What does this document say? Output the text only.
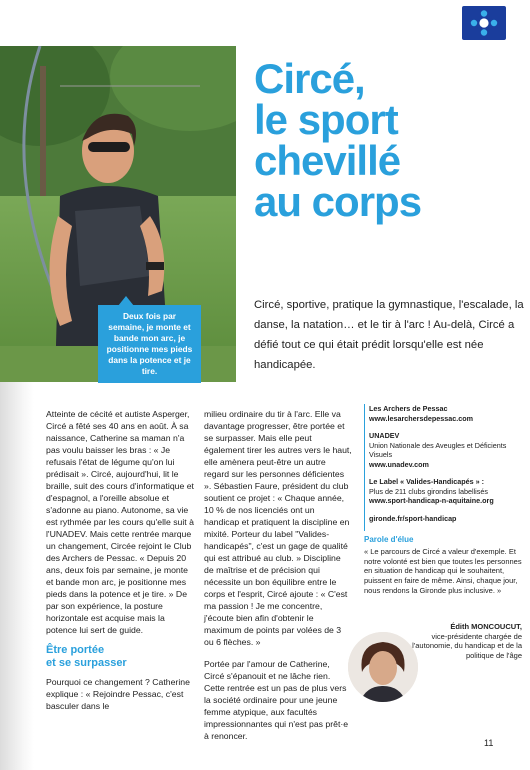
Deux fois par semaine, je monte et bande mon arc, je positionne mes pieds dans la potence et je tire.
Circé,
le sport
chevillé
au corps
Circé, sportive, pratique la gymnastique, l'escalade, la danse, la natation… et le tir à l'arc ! Au-delà, Circé a défié tout ce qui était prédit lorsqu'elle est née handicapée.

Atteinte de cécité et autiste Asperger, Circé a fêté ses 40 ans en août. À sa naissance, Catherine sa maman n'a pas voulu baisser les bras : « Je refusais l'état de légume qu'on lui prédisait ». Circé, aujourd'hui, lit le braille, suit des cours d'informatique et d'espagnol, a l'oreille absolue et s'adonne au piano. Autonome, sa vie est rythmée par les cours qu'elle suit à l'UNADEV. Mais cette rentrée marque un changement, Circée rejoint le Club des Archers de Pessac. « Depuis 20 ans, deux fois par semaine, je monte et bande mon arc, je positionne mes pieds dans la potence et je tire. » De par son expérience, la posture horizontale est acquise mais la potence lui sert de guide.

Être portée
et se surpasser

Pourquoi ce changement ? Catherine explique : « Rejoindre Pessac, c'est basculer dans le

milieu ordinaire du tir à l'arc. Elle va davantage progresser, être portée et se surpasser. Mais elle peut également tirer les autres vers le haut, elle amènera peut-être un autre regard sur les personnes déficientes ». Sébastien Faure, président du club soutient ce projet : « Chaque année, 10 % de nos licenciés ont un handicap et pratiquent la discipline en mixité. Porteur du label "Valides-handicapés", c'est un gage de qualité qui est attribué au club. » Discipline de maîtrise et de précision qui nécessite un bon équilibre entre le corps et l'esprit, Circé ajoute : « C'est ma passion ! Je me concentre, j'écoute bien afin d'obtenir le maximum de points par volées de 3 ou 6 flèches. »

Portée par l'amour de Catherine, Circé s'épanouit et ne lâche rien. Cette rentrée est un pas de plus vers la société ordinaire pour une jeune femme atypique, aux facultés impressionnantes qui n'est pas prêt·e à renoncer.

Les Archers de Pessac
www.lesarchersdepessac.com
UNADEV
Union Nationale des Aveugles et Déficients Visuels
www.unadev.com
Le Label « Valides-Handicapés » :
Plus de 211 clubs girondins labellisés
www.sport-handicap-n-aquitaine.org
gironde.fr/sport-handicap
Parole d'élue
« Le parcours de Circé a valeur d'exemple. Et notre volonté est bien que toutes les personnes en situation de handicap qui le souhaitent, puissent en faire de même. Ainsi, chaque jour, nous rendons la Gironde plus inclusive. »
Édith MONCOUCUT,
vice-présidente chargée de l'autonomie, du handicap et de la politique de l'âge
11
